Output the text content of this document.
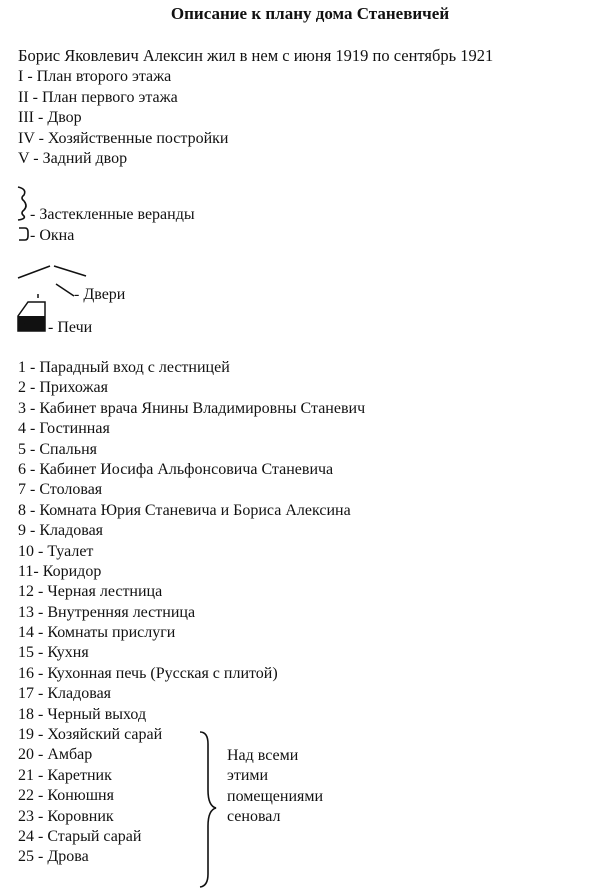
Описание к плану дома Станевичей
Борис Яковлевич Алексин жил в нем с июня 1919 по сентябрь 1921
I - План второго этажа
II - План первого этажа
III - Двор
IV - Хозяйственные постройки
V - Задний двор
- Застекленные веранды
- Окна
- Двери
- Печи
1 - Парадный вход с лестницей
2 - Прихожая
3 - Кабинет врача Янины Владимировны Станевич
4 - Гостинная
5 - Спальня
6 - Кабинет Иосифа Альфонсовича Станевича
7 - Столовая
8 - Комната Юрия Станевича и Бориса Алексина
9 - Кладовая
10 - Туалет
11- Коридор
12 - Черная лестница
13 - Внутренняя лестница
14 - Комнаты прислуги
15 - Кухня
16 - Кухонная печь (Русская с плитой)
17 - Кладовая
18 - Черный выход
19 - Хозяйский сарай
20 - Амбар
21 - Каретник
22 - Конюшня
23 - Коровник
24 - Старый сарай
25 - Дрова
Над всеми
этими
помещениями
сеновал
